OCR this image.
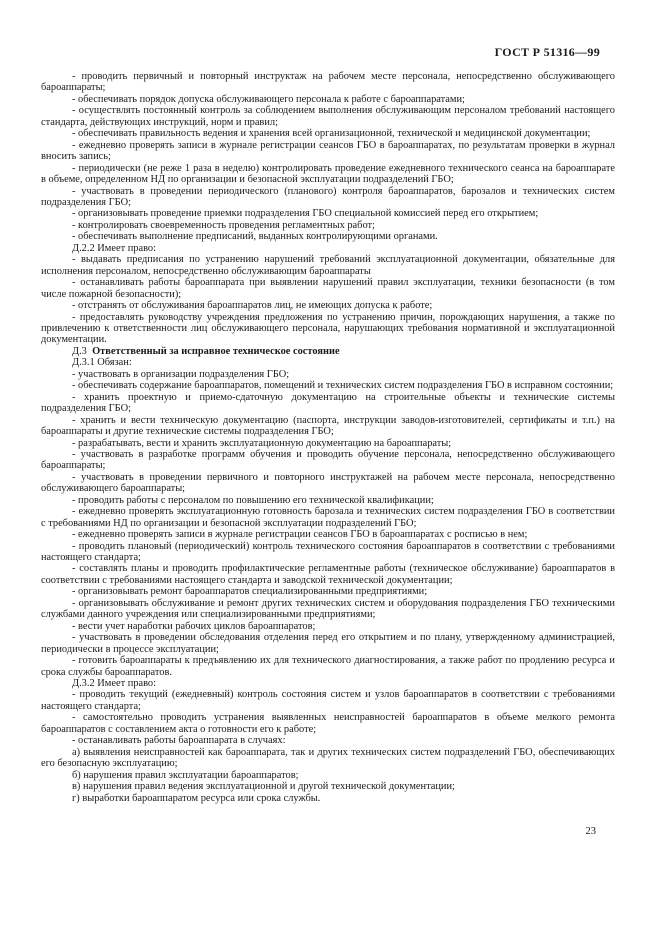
ГОСТ Р 51316—99

- проводить первичный и повторный инструктаж на рабочем месте персонала, непосредственно обслуживающего бароаппараты;

- обеспечивать порядок допуска обслуживающего персонала к работе с бароаппаратами;

- осуществлять постоянный контроль за соблюдением выполнения обслуживающим персоналом требований настоящего стандарта, действующих инструкций, норм и правил;

- обеспечивать правильность ведения и хранения всей организационной, технической и медицинской документации;

- ежедневно проверять записи в журнале регистрации сеансов ГБО в бароаппаратах, по результатам проверки в журнал вносить запись;

- периодически (не реже 1 раза в неделю) контролировать проведение ежедневного технического сеанса на бароаппарате в объеме, определенном НД по организации и безопасной эксплуатации подразделений ГБО;

- участвовать в проведении периодического (планового) контроля бароаппаратов, барозалов и технических систем подразделения ГБО;

- организовывать проведение приемки подразделения ГБО специальной комиссией перед его открытием;

- контролировать своевременность проведения регламентных работ;

- обеспечивать выполнение предписаний, выданных контролирующими органами.

Д.2.2 Имеет право:

- выдавать предписания по устранению нарушений требований эксплуатационной документации, обязательные для исполнения персоналом, непосредственно обслуживающим бароаппараты

- останавливать работы бароаппарата при выявлении нарушений правил эксплуатации, техники безопасности (в том числе пожарной безопасности);

- отстранять от обслуживания бароаппаратов лиц, не имеющих допуска к работе;

- предоставлять руководству учреждения предложения по устранению причин, порождающих нарушения, а также по привлечению к ответственности лиц обслуживающего персонала, нарушающих требования нормативной и эксплуатационной документации.

Д.3  Ответственный за исправное техническое состояние

Д.3.1 Обязан:

- участвовать в организации подразделения ГБО;

- обеспечивать содержание бароаппаратов, помещений и технических систем подразделения ГБО в исправном состоянии;

- хранить проектную и приемо-сдаточную документацию на строительные объекты и технические системы подразделения ГБО;

- хранить и вести техническую документацию (паспорта, инструкции заводов-изготовителей, сертификаты и т.п.) на бароаппараты и другие технические системы подразделения ГБО;

- разрабатывать, вести и хранить эксплуатационную документацию на бароаппараты;

- участвовать в разработке программ обучения и проводить обучение персонала, непосредственно обслуживающего бароаппараты;

- участвовать в проведении первичного и повторного инструктажей на рабочем месте персонала, непосредственно обслуживающего бароаппараты;

- проводить работы с персоналом по повышению его технической квалификации;

- ежедневно проверять эксплуатационную готовность барозала и технических систем подразделения ГБО в соответствии с требованиями НД по организации и безопасной эксплуатации подразделений ГБО;

- ежедневно проверять записи в журнале регистрации сеансов ГБО в бароаппаратах с росписью в нем;

- проводить плановый (периодический) контроль технического состояния бароаппаратов в соответствии с требованиями настоящего стандарта;

- составлять планы и проводить профилактические регламентные работы (техническое обслуживание) бароаппаратов в соответствии с требованиями настоящего стандарта и заводской технической документации;

- организовывать ремонт бароаппаратов специализированными предприятиями;

- организовывать обслуживание и ремонт других технических систем и оборудования подразделения ГБО техническими службами данного учреждения или специализированными предприятиями;

- вести учет наработки рабочих циклов бароаппаратов;

- участвовать в проведении обследования отделения перед его открытием и по плану, утвержденному администрацией, периодически в процессе эксплуатации;

- готовить бароаппараты к предъявлению их для технического диагностирования, а также работ по продлению ресурса и срока службы бароаппаратов.

Д.3.2 Имеет право:

- проводить текущий (ежедневный) контроль состояния систем и узлов бароаппаратов в соответствии с требованиями настоящего стандарта;

- самостоятельно проводить устранения выявленных неисправностей бароаппаратов в объеме мелкого ремонта бароаппаратов с составлением акта о готовности его к работе;

- останавливать работы бароаппарата в случаях:

а) выявления неисправностей как бароаппарата, так и других технических систем подразделений ГБО, обеспечивающих его безопасную эксплуатацию;

б) нарушения правил эксплуатации бароаппаратов;

в) нарушения правил ведения эксплуатационной и другой технической документации;

г) выработки бароаппаратом ресурса или срока службы.

23
